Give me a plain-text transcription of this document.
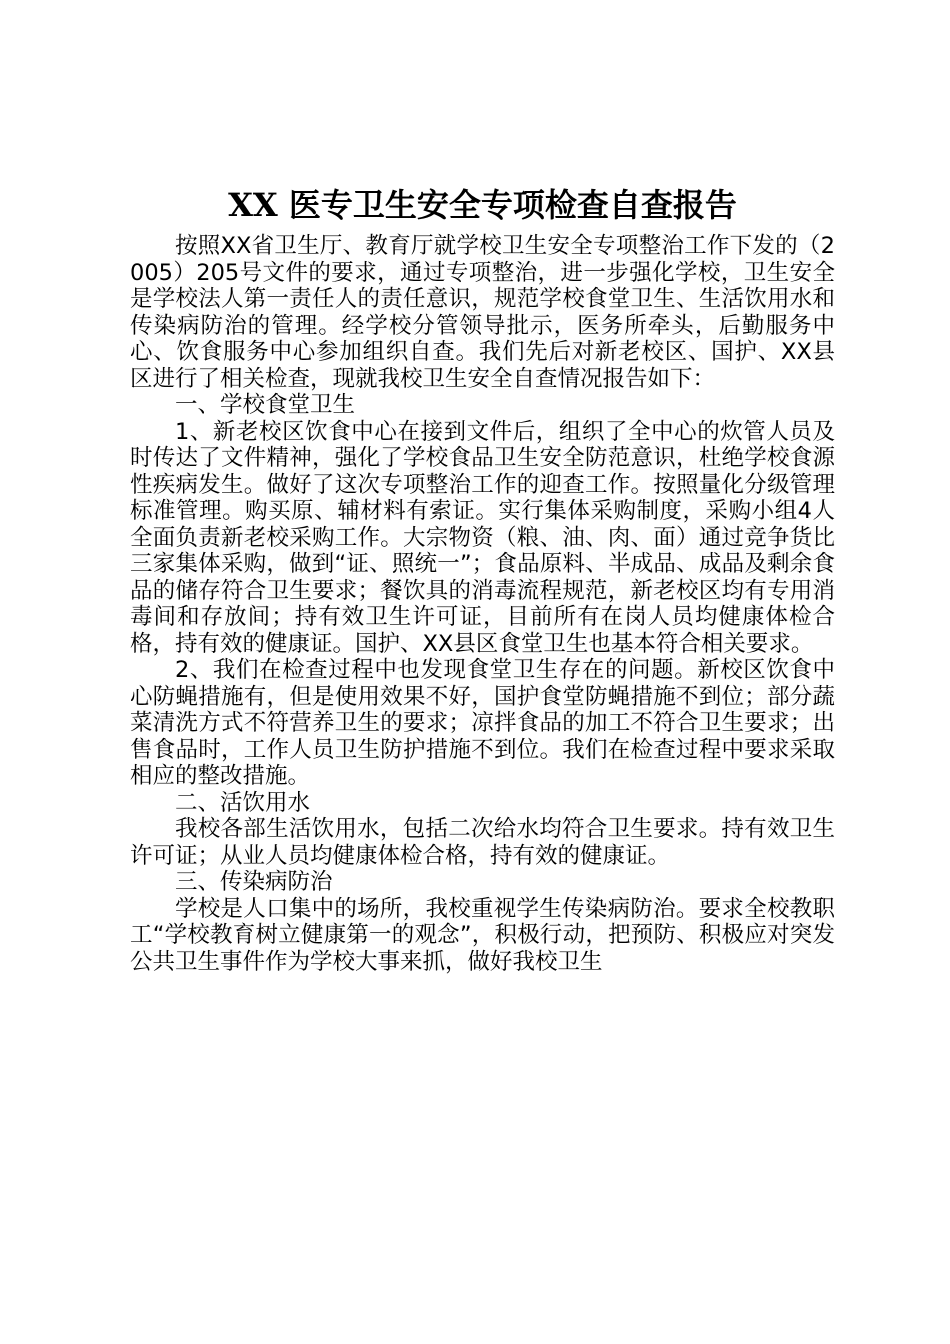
XX 医专卫生安全专项检查自查报告

按照XX省卫生厅、教育厅就学校卫生安全专项整治工作下发的（2005）205号文件的要求，通过专项整治，进一步强化学校，卫生安全是学校法人第一责任人的责任意识，规范学校食堂卫生、生活饮用水和传染病防治的管理。经学校分管领导批示，医务所牵头，后勤服务中心、饮食服务中心参加组织自查。我们先后对新老校区、国护、XX县区进行了相关检查，现就我校卫生安全自查情况报告如下：

一、学校食堂卫生

1、新老校区饮食中心在接到文件后，组织了全中心的炊管人员及时传达了文件精神，强化了学校食品卫生安全防范意识，杜绝学校食源性疾病发生。做好了这次专项整治工作的迎查工作。按照量化分级管理标准管理。购买原、辅材料有索证。实行集体采购制度，采购小组4人全面负责新老校采购工作。大宗物资（粮、油、肉、面）通过竞争货比三家集体采购，做到“证、照统一”；食品原料、半成品、成品及剩余食品的储存符合卫生要求；餐饮具的消毒流程规范，新老校区均有专用消毒间和存放间；持有效卫生许可证，目前所有在岗人员均健康体检合格，持有效的健康证。国护、XX县区食堂卫生也基本符合相关要求。

2、我们在检查过程中也发现食堂卫生存在的问题。新校区饮食中心防蝇措施有，但是使用效果不好，国护食堂防蝇措施不到位；部分蔬菜清洗方式不符营养卫生的要求；凉拌食品的加工不符合卫生要求；出售食品时，工作人员卫生防护措施不到位。我们在检查过程中要求采取相应的整改措施。

二、活饮用水

我校各部生活饮用水，包括二次给水均符合卫生要求。持有效卫生许可证；从业人员均健康体检合格，持有效的健康证。

三、传染病防治

学校是人口集中的场所，我校重视学生传染病防治。要求全校教职工“学校教育树立健康第一的观念”，积极行动，把预防、积极应对突发公共卫生事件作为学校大事来抓，做好我校卫生
